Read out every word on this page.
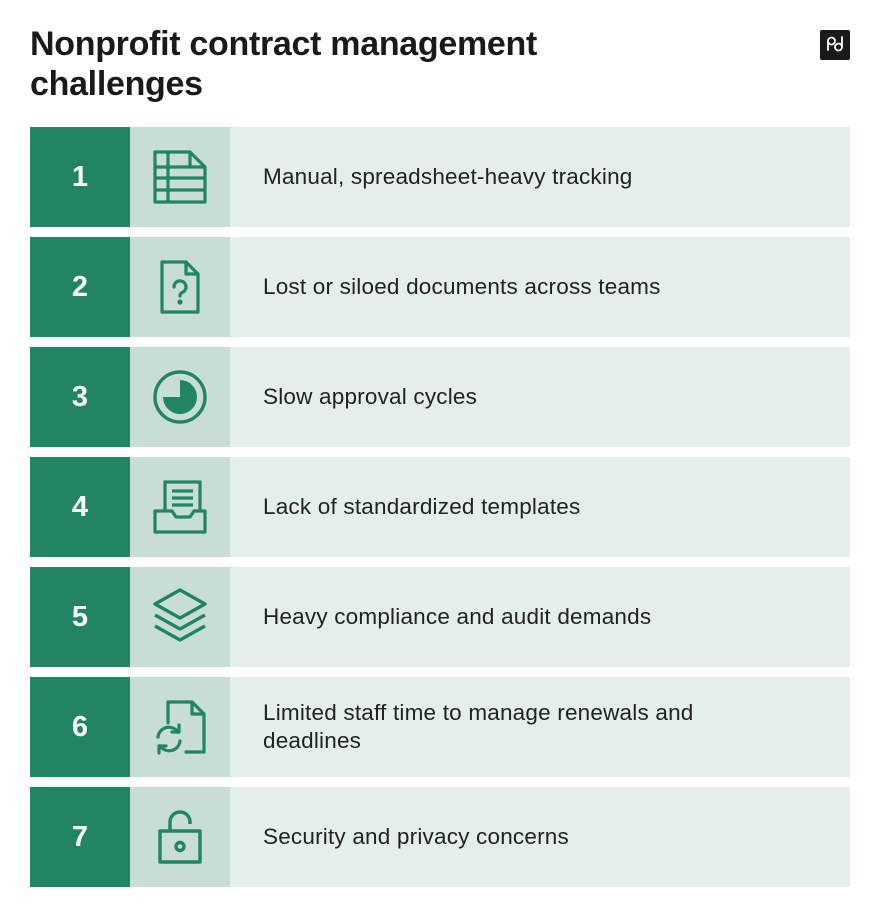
Nonprofit contract management challenges
1	Manual, spreadsheet-heavy tracking
2	Lost or siloed documents across teams
3	Slow approval cycles
4	Lack of standardized templates
5	Heavy compliance and audit demands
6	Limited staff time to manage renewals and deadlines
7	Security and privacy concerns
